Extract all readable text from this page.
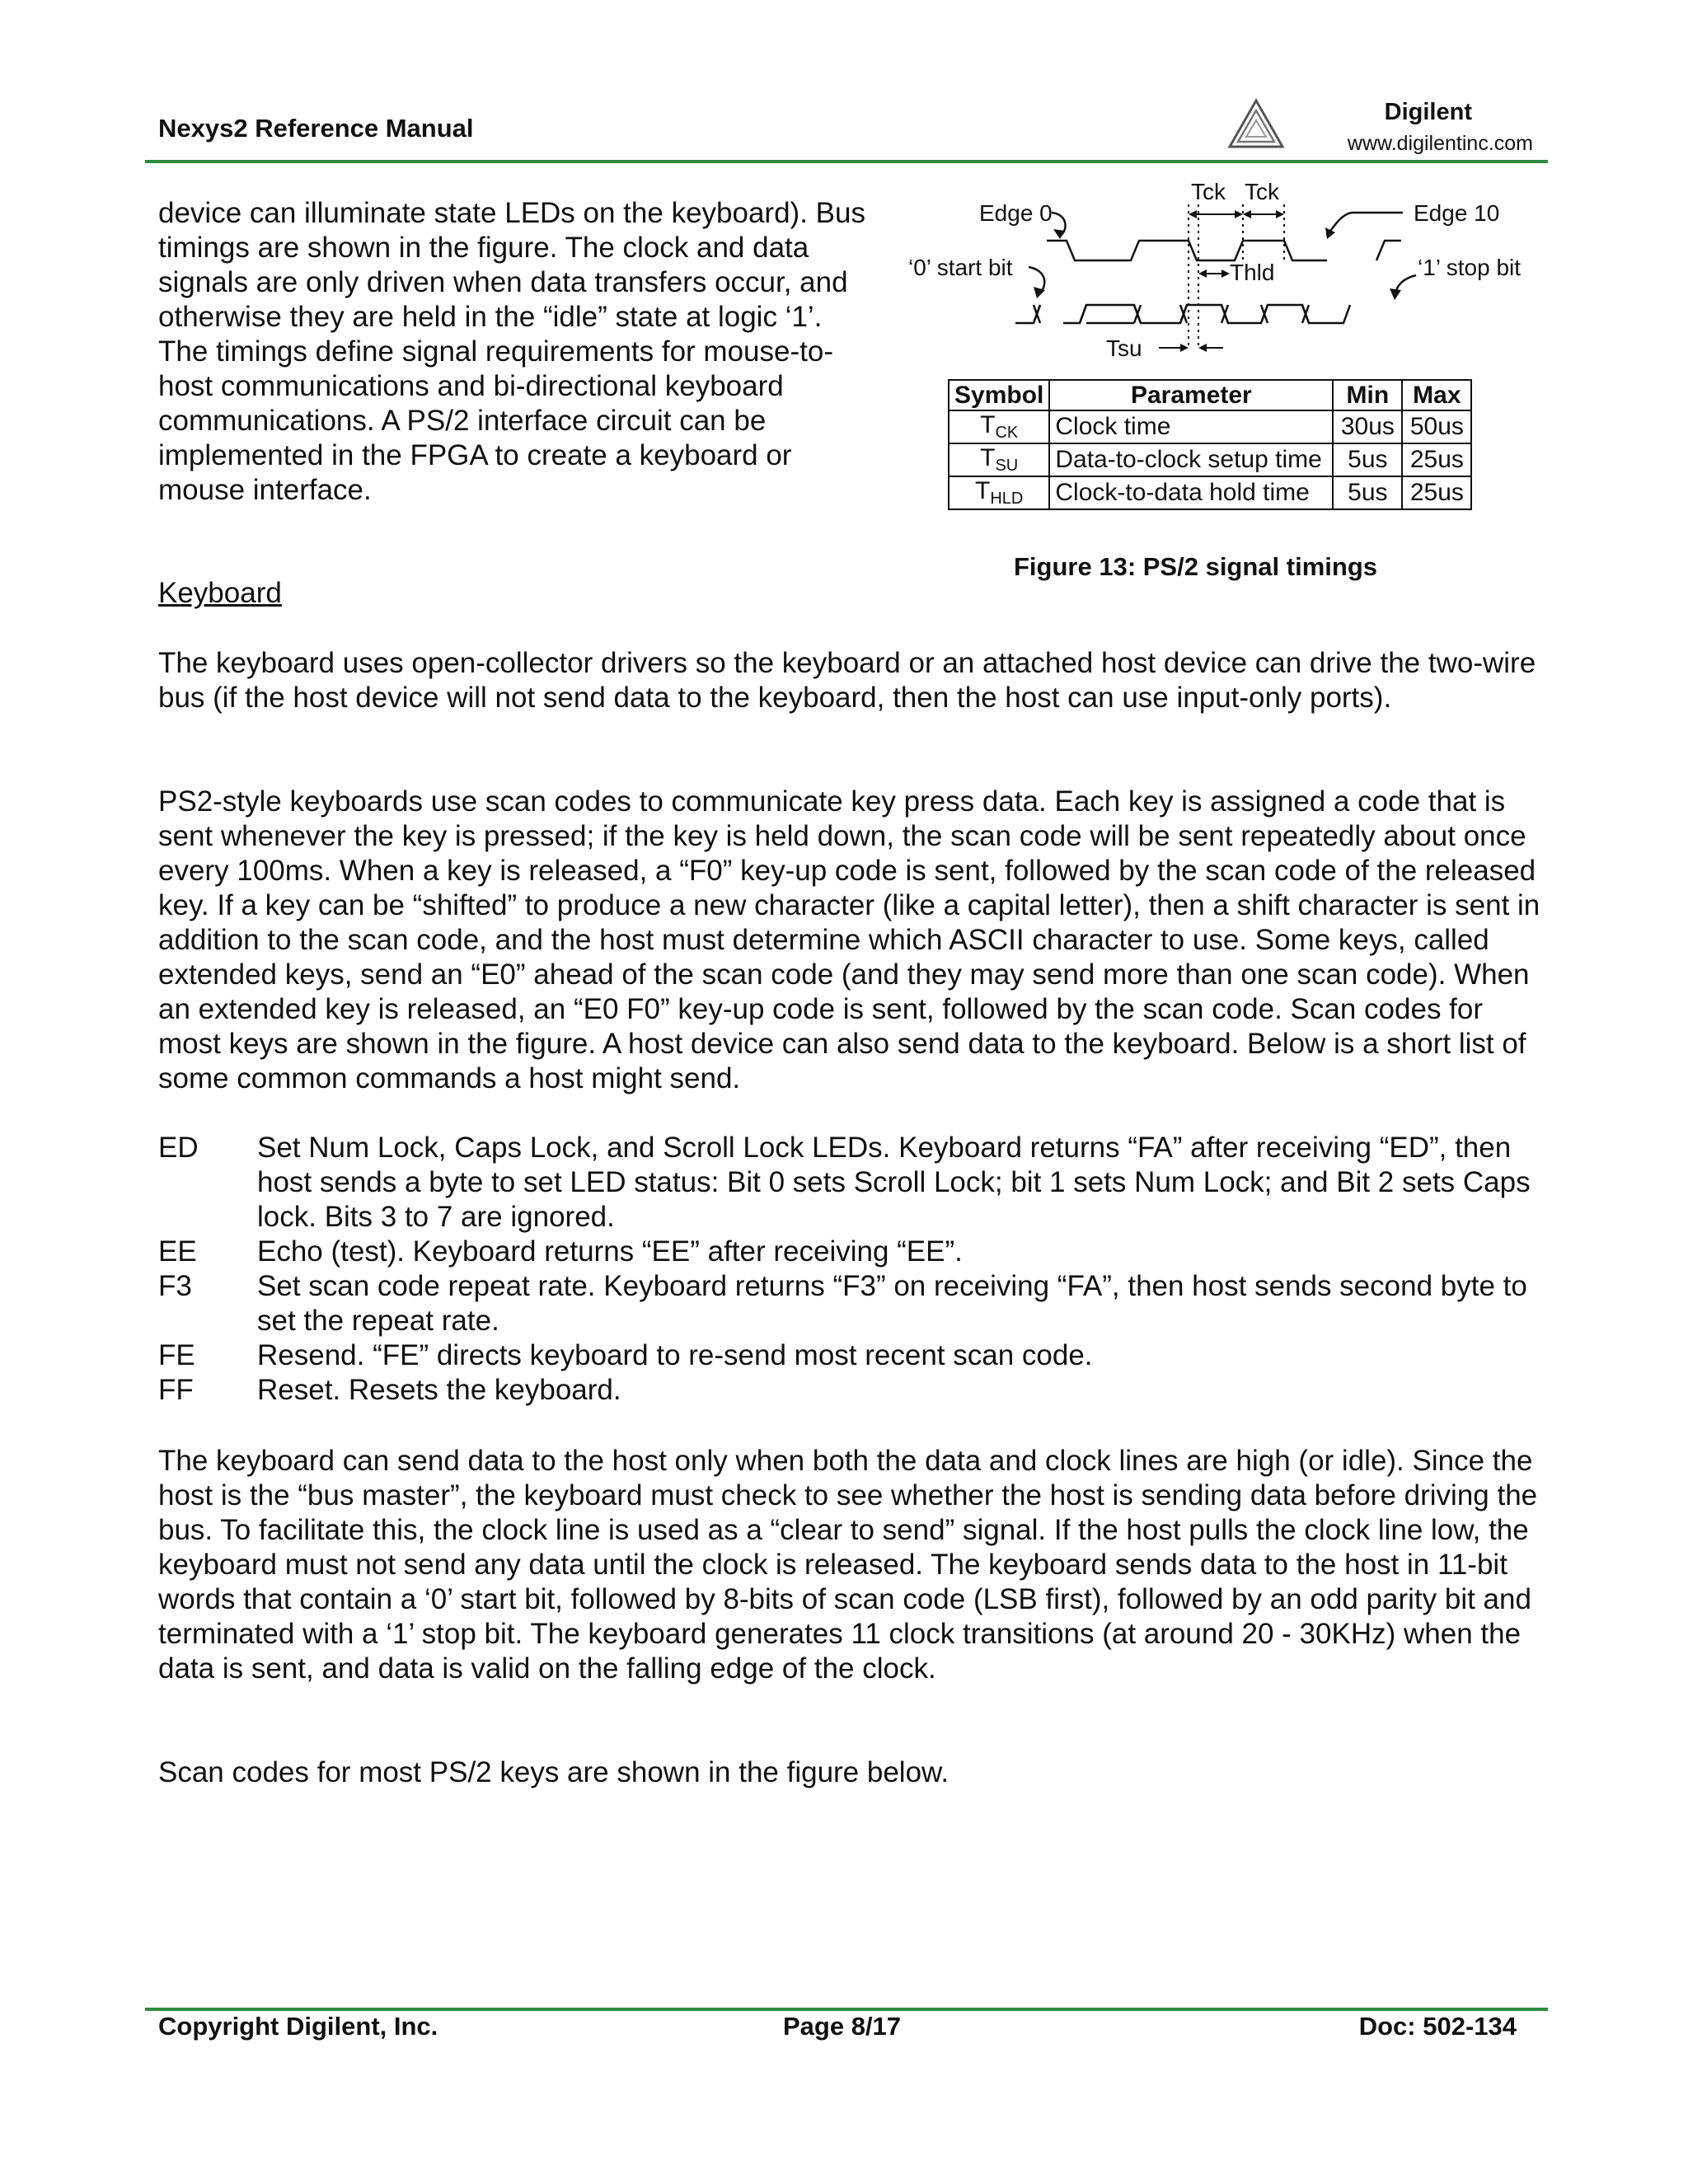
Nexys2 Reference Manual
Digilent
www.digilentinc.com
device can illuminate state LEDs on the keyboard). Bus timings are shown in the figure. The clock and data signals are only driven when data transfers occur, and otherwise they are held in the “idle” state at logic ‘1’. The timings define signal requirements for mouse-to-host communications and bi-directional keyboard communications. A PS/2 interface circuit can be implemented in the FPGA to create a keyboard or mouse interface.
Edge 0
Tck Tck
Edge 10
‘0’ start bit	Thld	‘1’ stop bit
Tsu
Symbol	Parameter	Min	Max
$T_{CK}$	Clock time	30us	50us
$T_{SU}$	Data-to-clock setup time	5us	25us
$T_{HLD}$	Clock-to-data hold time	5us	25us
Figure 13: PS/2 signal timings
Keyboard

The keyboard uses open-collector drivers so the keyboard or an attached host device can drive the two-wire bus (if the host device will not send data to the keyboard, then the host can use input-only ports).

PS2-style keyboards use scan codes to communicate key press data. Each key is assigned a code that is sent whenever the key is pressed; if the key is held down, the scan code will be sent repeatedly about once every 100ms. When a key is released, a “F0” key-up code is sent, followed by the scan code of the released key. If a key can be “shifted” to produce a new character (like a capital letter), then a shift character is sent in addition to the scan code, and the host must determine which ASCII character to use. Some keys, called extended keys, send an “E0” ahead of the scan code (and they may send more than one scan code). When an extended key is released, an “E0 F0” key-up code is sent, followed by the scan code. Scan codes for most keys are shown in the figure. A host device can also send data to the keyboard. Below is a short list of some common commands a host might send.

ED	Set Num Lock, Caps Lock, and Scroll Lock LEDs. Keyboard returns “FA” after receiving “ED”, then host sends a byte to set LED status: Bit 0 sets Scroll Lock; bit 1 sets Num Lock; and Bit 2 sets Caps lock. Bits 3 to 7 are ignored.
EE	Echo (test). Keyboard returns “EE” after receiving “EE”.
F3	Set scan code repeat rate. Keyboard returns “F3” on receiving “FA”, then host sends second byte to set the repeat rate.
FE	Resend. “FE” directs keyboard to re-send most recent scan code.
FF	Reset. Resets the keyboard.

The keyboard can send data to the host only when both the data and clock lines are high (or idle). Since the host is the “bus master”, the keyboard must check to see whether the host is sending data before driving the bus. To facilitate this, the clock line is used as a “clear to send” signal. If the host pulls the clock line low, the keyboard must not send any data until the clock is released. The keyboard sends data to the host in 11-bit words that contain a ‘0’ start bit, followed by 8-bits of scan code (LSB first), followed by an odd parity bit and terminated with a ‘1’ stop bit. The keyboard generates 11 clock transitions (at around 20 - 30KHz) when the data is sent, and data is valid on the falling edge of the clock.

Scan codes for most PS/2 keys are shown in the figure below.

Copyright Digilent, Inc.	Page 8/17	Doc: 502-134
